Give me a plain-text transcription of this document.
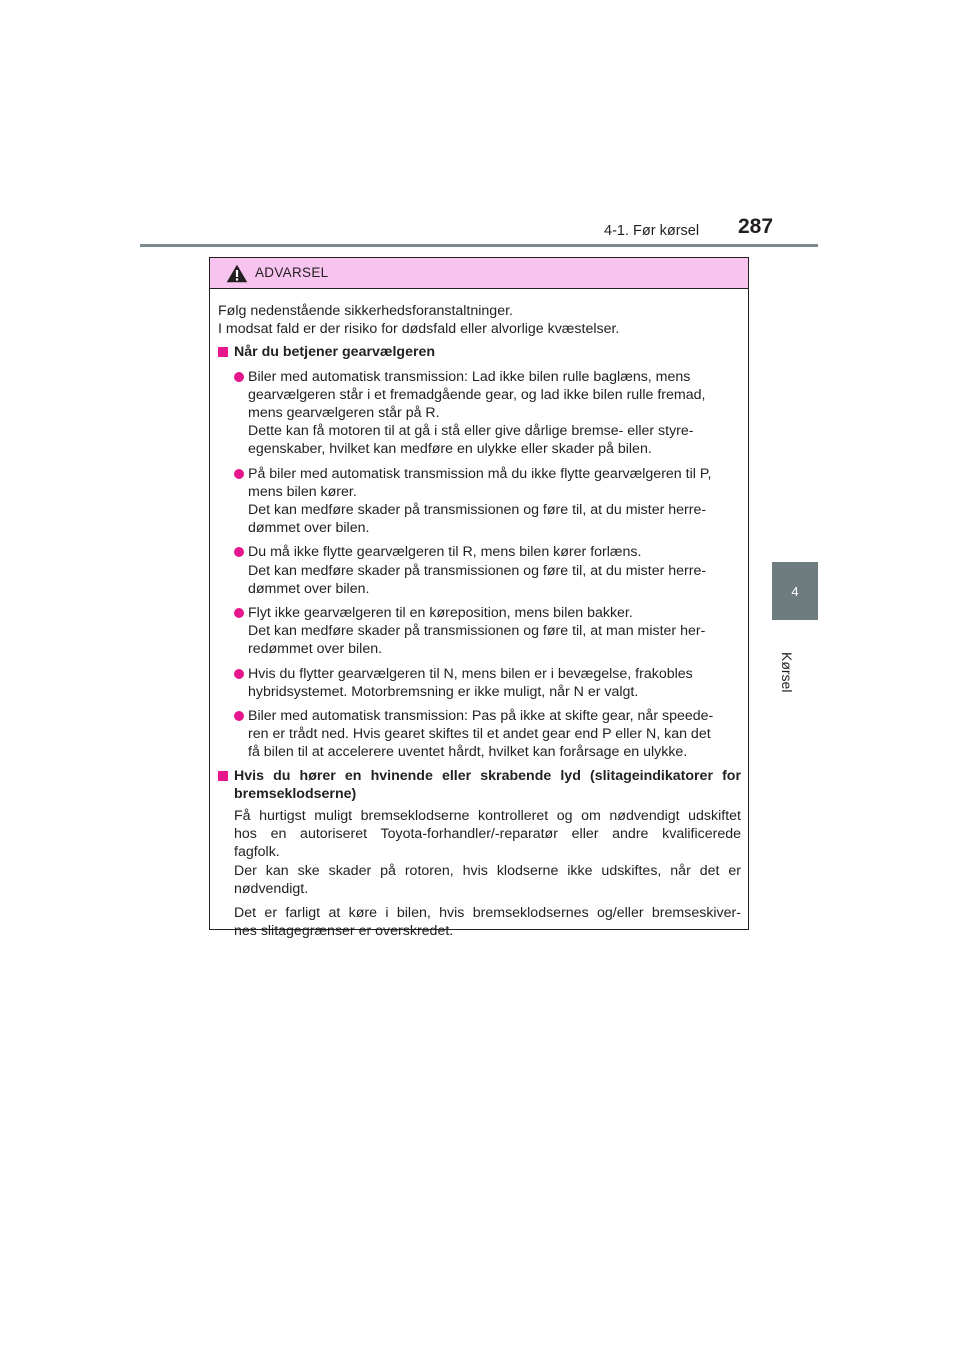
4-1. Før kørsel 287
4
Kørsel
ADVARSEL

Følg nedenstående sikkerhedsforanstaltninger.

I modsat fald er der risiko for dødsfald eller alvorlige kvæstelser.

Når du betjener gearvælgeren
Biler med automatisk transmission: Lad ikke bilen rulle baglæns, mens
gearvælgeren står i et fremadgående gear, og lad ikke bilen rulle fremad,
mens gearvælgeren står på R.
Dette kan få motoren til at gå i stå eller give dårlige bremse- eller styre-
egenskaber, hvilket kan medføre en ulykke eller skader på bilen.
På biler med automatisk transmission må du ikke flytte gearvælgeren til P,
mens bilen kører.
Det kan medføre skader på transmissionen og føre til, at du mister herre-
dømmet over bilen.
Du må ikke flytte gearvælgeren til R, mens bilen kører forlæns.
Det kan medføre skader på transmissionen og føre til, at du mister herre-
dømmet over bilen.
Flyt ikke gearvælgeren til en køreposition, mens bilen bakker.
Det kan medføre skader på transmissionen og føre til, at man mister her-
redømmet over bilen.
Hvis du flytter gearvælgeren til N, mens bilen er i bevægelse, frakobles
hybridsystemet. Motorbremsning er ikke muligt, når N er valgt.
Biler med automatisk transmission: Pas på ikke at skifte gear, når speede-
ren er trådt ned. Hvis gearet skiftes til et andet gear end P eller N, kan det
få bilen til at accelerere uventet hårdt, hvilket kan forårsage en ulykke.
Hvis du hører en hvinende eller skrabende lyd (slitageindikatorer for
bremseklodserne)
Få hurtigst muligt bremseklodserne kontrolleret og om nødvendigt udskiftet
hos en autoriseret Toyota-forhandler/-reparatør eller andre kvalificerede
fagfolk.
Der kan ske skader på rotoren, hvis klodserne ikke udskiftes, når det er
nødvendigt.
Det er farligt at køre i bilen, hvis bremseklodsernes og/eller bremseskiver-
nes slitagegrænser er overskredet.
